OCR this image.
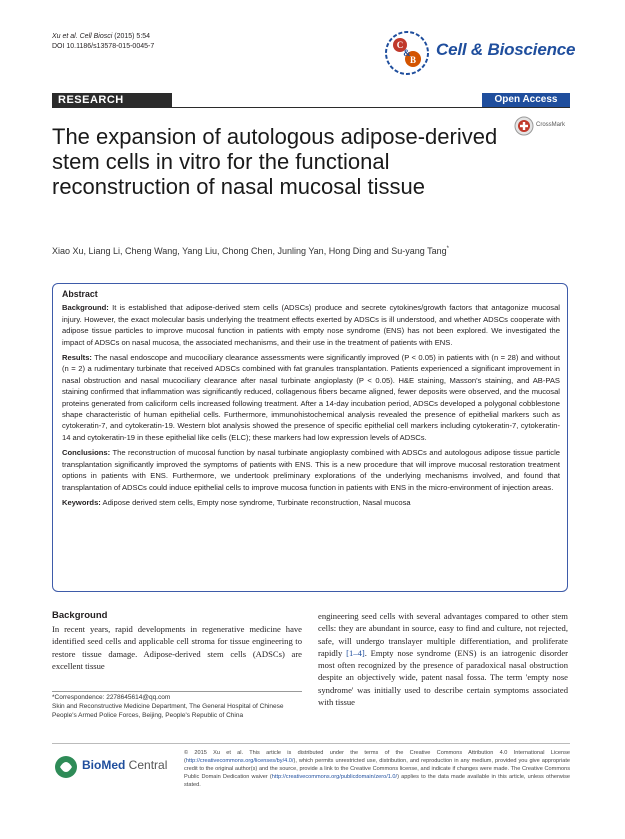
Xu et al. Cell Biosci (2015) 5:54
DOI 10.1186/s13578-015-0045-7	C
&
B
Cell & Bioscience
RESEARCH	Open Access
CrossMark
The expansion of autologous adipose-derived stem cells in vitro for the functional reconstruction of nasal mucosal tissue
Xiao Xu, Liang Li, Cheng Wang, Yang Liu, Chong Chen, Junling Yan, Hong Ding and Su-yang Tang*
Abstract

Background: It is established that adipose-derived stem cells (ADSCs) produce and secrete cytokines/growth factors that antagonize mucosal injury. However, the exact molecular basis underlying the treatment effects exerted by ADSCs is ill understood, and whether ADSCs cooperate with adipose tissue particles to improve mucosal function in patients with empty nose syndrome (ENS) has not been explored. We investigated the impact of ADSCs on nasal mucosa, the associated mechanisms, and their use in the treatment of patients with ENS.

Results: The nasal endoscope and mucociliary clearance assessments were significantly improved (P < 0.05) in patients with (n = 28) and without (n = 2) a rudimentary turbinate that received ADSCs combined with fat granules transplantation. Patients experienced a significant improvement in nasal obstruction and nasal mucociliary clearance after nasal turbinate angioplasty (P < 0.05). H&E staining, Masson's staining, and AB-PAS staining confirmed that inflammation was significantly reduced, collagenous fibers became aligned, fewer deposits were observed, and the mucosal proteins generated from caliciform cells increased following treatment. After a 14-day incubation period, ADSCs developed a polygonal cobblestone shape characteristic of human epithelial cells. Furthermore, immunohistochemical analysis revealed the presence of epithelial markers such as cytokeratin-7, and cytokeratin-19. Western blot analysis showed the presence of specific epithelial cell markers including cytokeratin-7, cytokeratin-14 and cytokeratin-19 in these epithelial like cells (ELC); these markers had low expression levels of ADSCs.

Conclusions: The reconstruction of mucosal function by nasal turbinate angioplasty combined with ADSCs and autologous adipose tissue particle transplantation significantly improved the symptoms of patients with ENS. This is a new procedure that will improve mucosal restoration treatment options in patients with ENS. Furthermore, we undertook preliminary explorations of the underlying mechanisms involved, and found that transplantation of ADSCs could induce epithelial cells to improve mucosa function in patients with ENS in the micro-environment of injection areas.

Keywords: Adipose derived stem cells, Empty nose syndrome, Turbinate reconstruction, Nasal mucosa

Background
In recent years, rapid developments in regenerative medicine have identified seed cells and applicable cell stroma for tissue engineering to restore tissue damage. Adipose-derived stem cells (ADSCs) are excellent tissue
engineering seed cells with several advantages compared to other stem cells: they are abundant in source, easy to find and culture, not rejected, safe, will undergo translayer multiple differentiation, and proliferate rapidly [1–4]. Empty nose syndrome (ENS) is an iatrogenic disorder most often recognized by the presence of paradoxical nasal obstruction despite an objectively wide, patent nasal fossa. The term 'empty nose syndrome' was initially used to describe certain symptoms associated with tissue
*Correspondence: 2278645614@qq.com
Skin and Reconstructive Medicine Department, The General Hospital of Chinese People's Armed Police Forces, Beijing, People's Republic of China
BioMed Central
© 2015 Xu et al. This article is distributed under the terms of the Creative Commons Attribution 4.0 International License (http://creativecommons.org/licenses/by/4.0/), which permits unrestricted use, distribution, and reproduction in any medium, provided you give appropriate credit to the original author(s) and the source, provide a link to the Creative Commons license, and indicate if changes were made. The Creative Commons Public Domain Dedication waiver (http://creativecommons.org/publicdomain/zero/1.0/) applies to the data made available in this article, unless otherwise stated.
